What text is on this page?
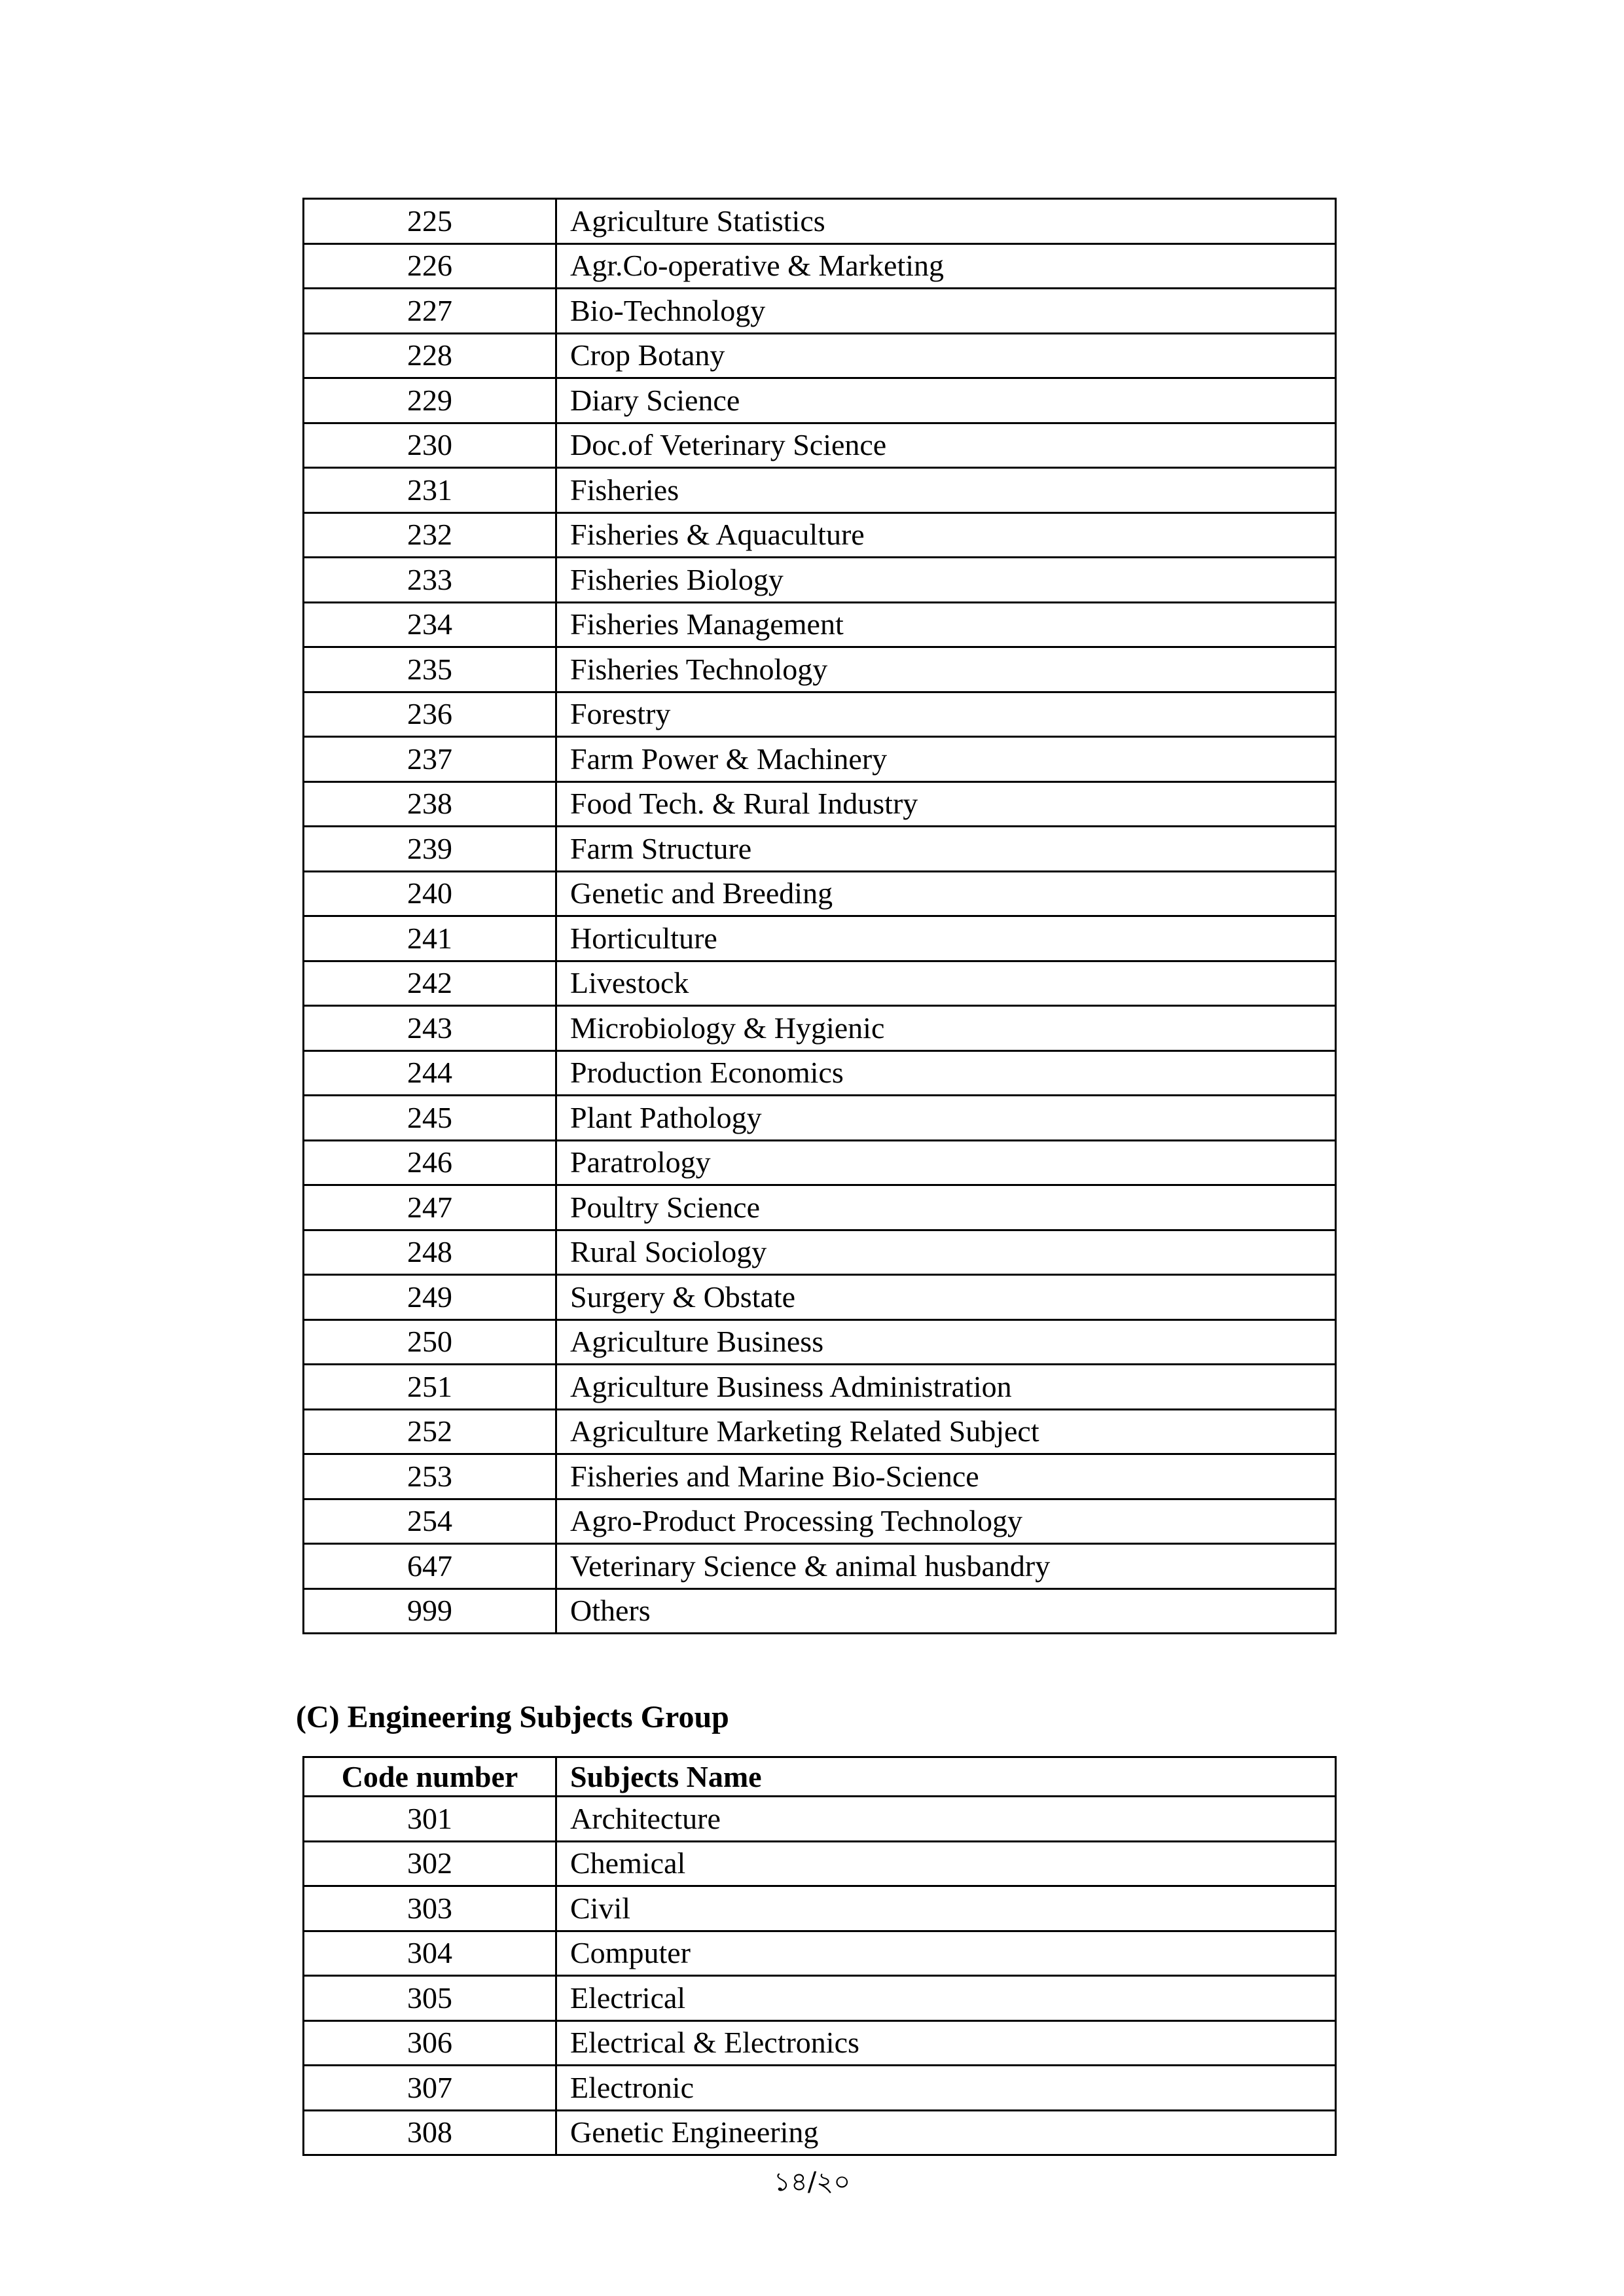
225	Agriculture Statistics
226	Agr.Co-operative & Marketing
227	Bio-Technology
228	Crop Botany
229	Diary Science
230	Doc.of Veterinary Science
231	Fisheries
232	Fisheries & Aquaculture
233	Fisheries Biology
234	Fisheries Management
235	Fisheries Technology
236	Forestry
237	Farm Power & Machinery
238	Food Tech. & Rural Industry
239	Farm Structure
240	Genetic and Breeding
241	Horticulture
242	Livestock
243	Microbiology & Hygienic
244	Production Economics
245	Plant Pathology
246	Paratrology
247	Poultry Science
248	Rural Sociology
249	Surgery & Obstate
250	Agriculture Business
251	Agriculture Business Administration
252	Agriculture Marketing Related Subject
253	Fisheries and Marine Bio-Science
254	Agro-Product Processing Technology
647	Veterinary Science & animal husbandry
999	Others
(C) Engineering Subjects Group
Code number	Subjects Name
301	Architecture
302	Chemical
303	Civil
304	Computer
305	Electrical
306	Electrical & Electronics
307	Electronic
308	Genetic Engineering
১৪/২০
